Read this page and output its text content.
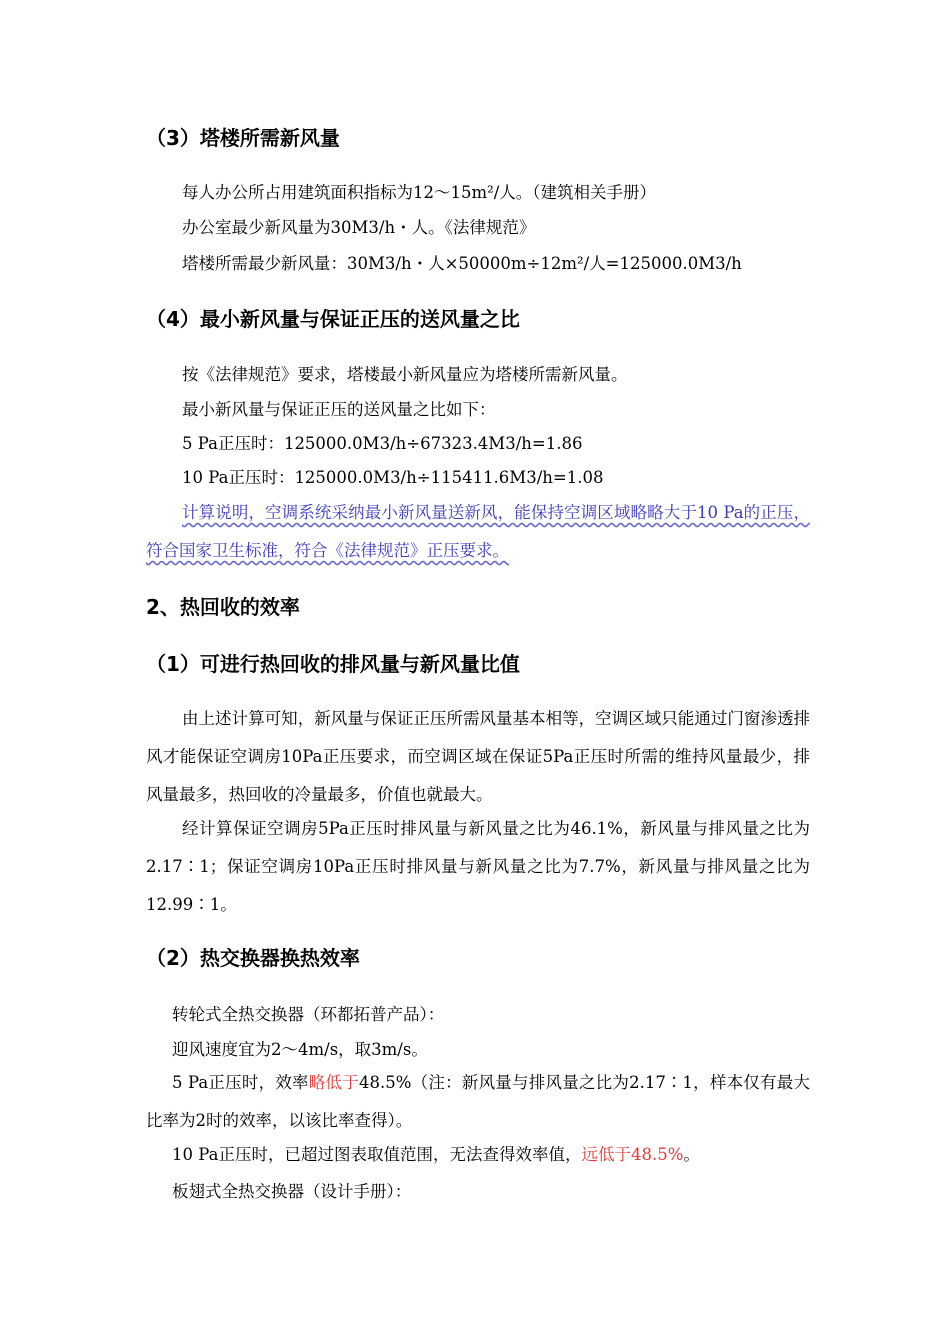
（3）塔楼所需新风量
每人办公所占用建筑面积指标为12～15m²/人。（建筑相关手册）
办公室最少新风量为30M3/h・人。《法律规范》
塔楼所需最少新风量：30M3/h・人×50000m÷12m²/人=125000.0M3/h
（4）最小新风量与保证正压的送风量之比
按《法律规范》要求，塔楼最小新风量应为塔楼所需新风量。
最小新风量与保证正压的送风量之比如下：
5 Pa正压时：125000.0M3/h÷67323.4M3/h=1.86
10 Pa正压时：125000.0M3/h÷115411.6M3/h=1.08
计算说明，空调系统采纳最小新风量送新风，能保持空调区域略略大于10 Pa的正压，符合国家卫生标准，符合《法律规范》正压要求。
2、热回收的效率
（1）可进行热回收的排风量与新风量比值
由上述计算可知，新风量与保证正压所需风量基本相等，空调区域只能通过门窗渗透排风才能保证空调房10Pa正压要求，而空调区域在保证5Pa正压时所需的维持风量最少，排风量最多，热回收的冷量最多，价值也就最大。
经计算保证空调房5Pa正压时排风量与新风量之比为46.1%，新风量与排风量之比为2.17∶1；保证空调房10Pa正压时排风量与新风量之比为7.7%，新风量与排风量之比为12.99∶1。
（2）热交换器换热效率
转轮式全热交换器（环都拓普产品）：
迎风速度宜为2～4m/s，取3m/s。
5 Pa正压时，效率略低于48.5%（注：新风量与排风量之比为2.17∶1，样本仅有最大比率为2时的效率，以该比率查得）。
10 Pa正压时，已超过图表取值范围，无法查得效率值，远低于48.5%。
板翅式全热交换器（设计手册）：
